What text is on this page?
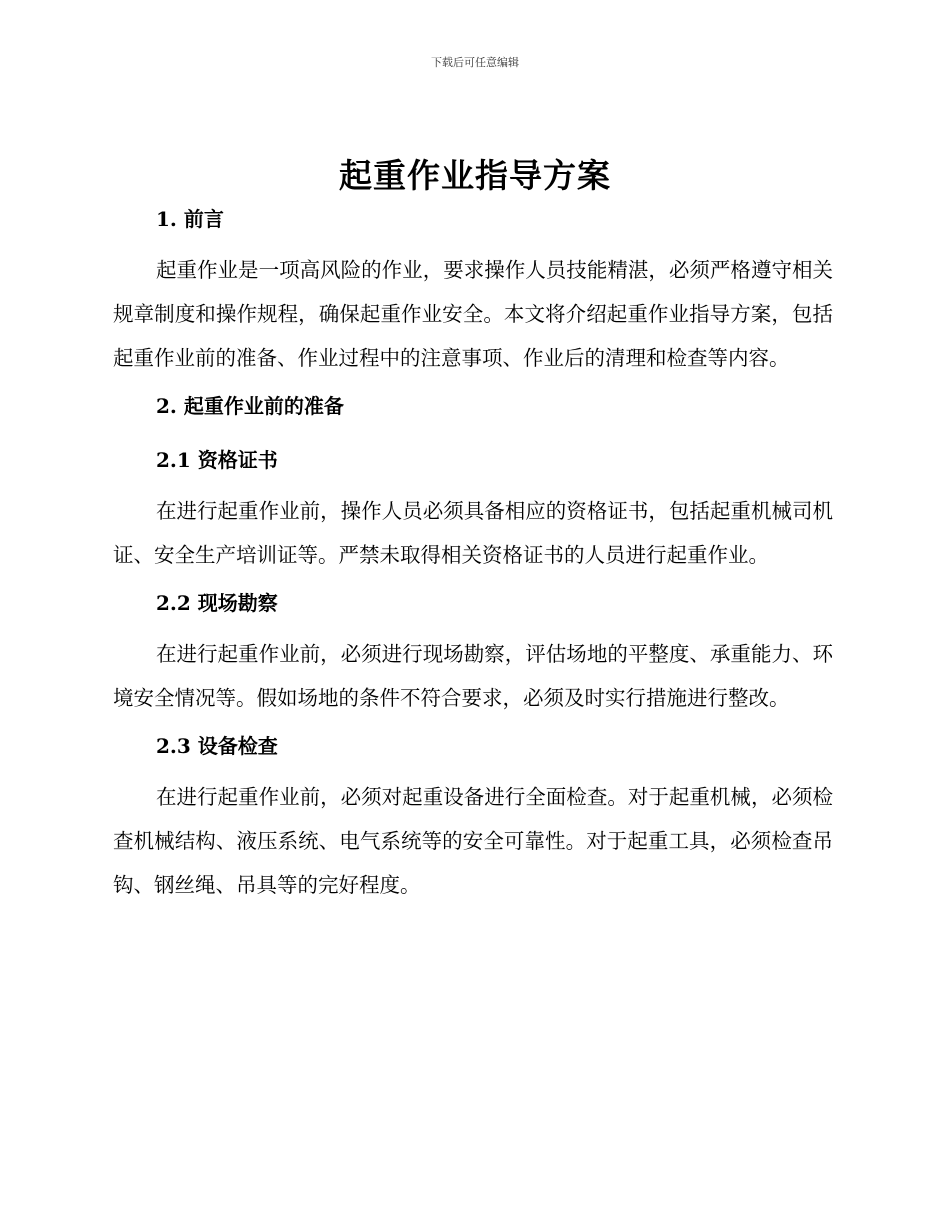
下载后可任意编辑
起重作业指导方案
1. 前言

起重作业是一项高风险的作业，要求操作人员技能精湛，必须严格遵守相关规章制度和操作规程，确保起重作业安全。本文将介绍起重作业指导方案，包括起重作业前的准备、作业过程中的注意事项、作业后的清理和检查等内容。

2. 起重作业前的准备
2.1 资格证书

在进行起重作业前，操作人员必须具备相应的资格证书，包括起重机械司机证、安全生产培训证等。严禁未取得相关资格证书的人员进行起重作业。

2.2 现场勘察

在进行起重作业前，必须进行现场勘察，评估场地的平整度、承重能力、环境安全情况等。假如场地的条件不符合要求，必须及时实行措施进行整改。

2.3 设备检查

在进行起重作业前，必须对起重设备进行全面检查。对于起重机械，必须检查机械结构、液压系统、电气系统等的安全可靠性。对于起重工具，必须检查吊钩、钢丝绳、吊具等的完好程度。
